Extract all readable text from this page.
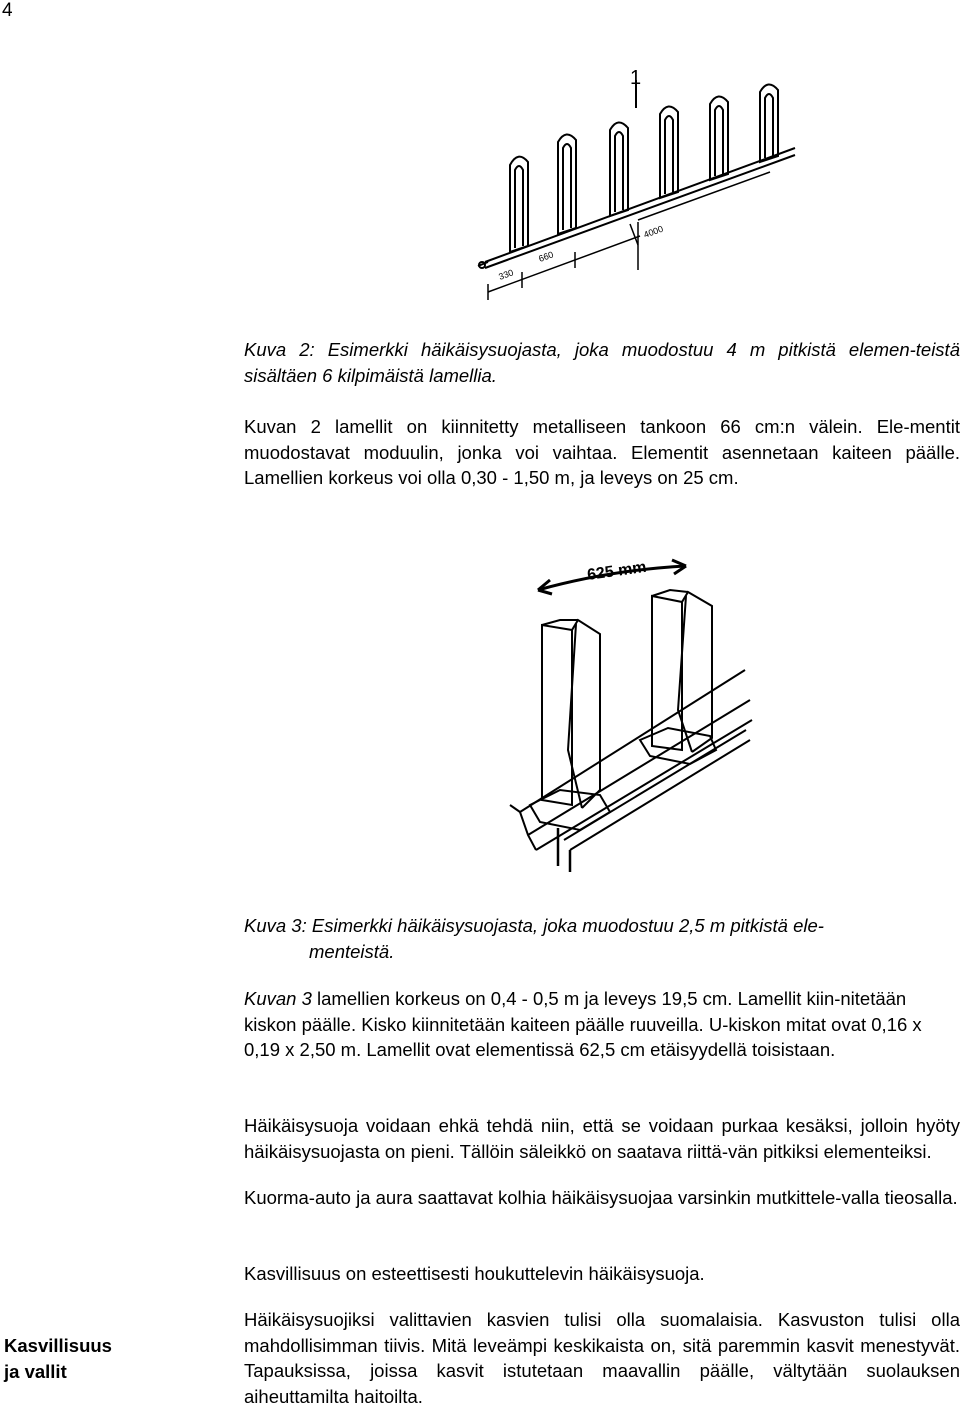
4
1
330
660
4000

Kuva 2: Esimerkki häikäisysuojasta, joka muodostuu 4 m pitkistä elemen-teistä sisältäen 6 kilpimäistä lamellia.

Kuvan 2 lamellit on kiinnitetty metalliseen tankoon 66 cm:n välein. Ele-mentit muodostavat moduulin, jonka voi vaihtaa. Elementit asennetaan kaiteen päälle. Lamellien korkeus voi olla 0,30 - 1,50 m, ja leveys on 25 cm.
625 mm
Kuva 3: Esimerkki häikäisysuojasta, joka muodostuu 2,5 m pitkistä ele-
menteistä.
Kuvan 3 lamellien korkeus on 0,4 - 0,5 m ja leveys 19,5 cm. Lamellit kiin-nitetään kiskon päälle. Kisko kiinnitetään kaiteen päälle ruuveilla. U-kiskon mitat ovat 0,16 x 0,19 x 2,50 m. Lamellit ovat elementissä 62,5 cm etäisyydellä toisistaan.
Häikäisysuoja voidaan ehkä tehdä niin, että se voidaan purkaa kesäksi, jolloin hyöty häikäisysuojasta on pieni. Tällöin säleikkö on saatava riittä-vän pitkiksi elementeiksi.
Kuorma-auto ja aura saattavat kolhia häikäisysuojaa varsinkin mutkittele-valla tieosalla.
Kasvillisuus on esteettisesti houkuttelevin häikäisysuoja.
Kasvillisuus
ja vallit
Häikäisysuojiksi valittavien kasvien tulisi olla suomalaisia. Kasvuston tulisi olla mahdollisimman tiivis. Mitä leveämpi keskikaista on, sitä paremmin kasvit menestyvät. Tapauksissa, joissa kasvit istutetaan maavallin päälle, vältytään suolauksen aiheuttamilta haitoilta.
